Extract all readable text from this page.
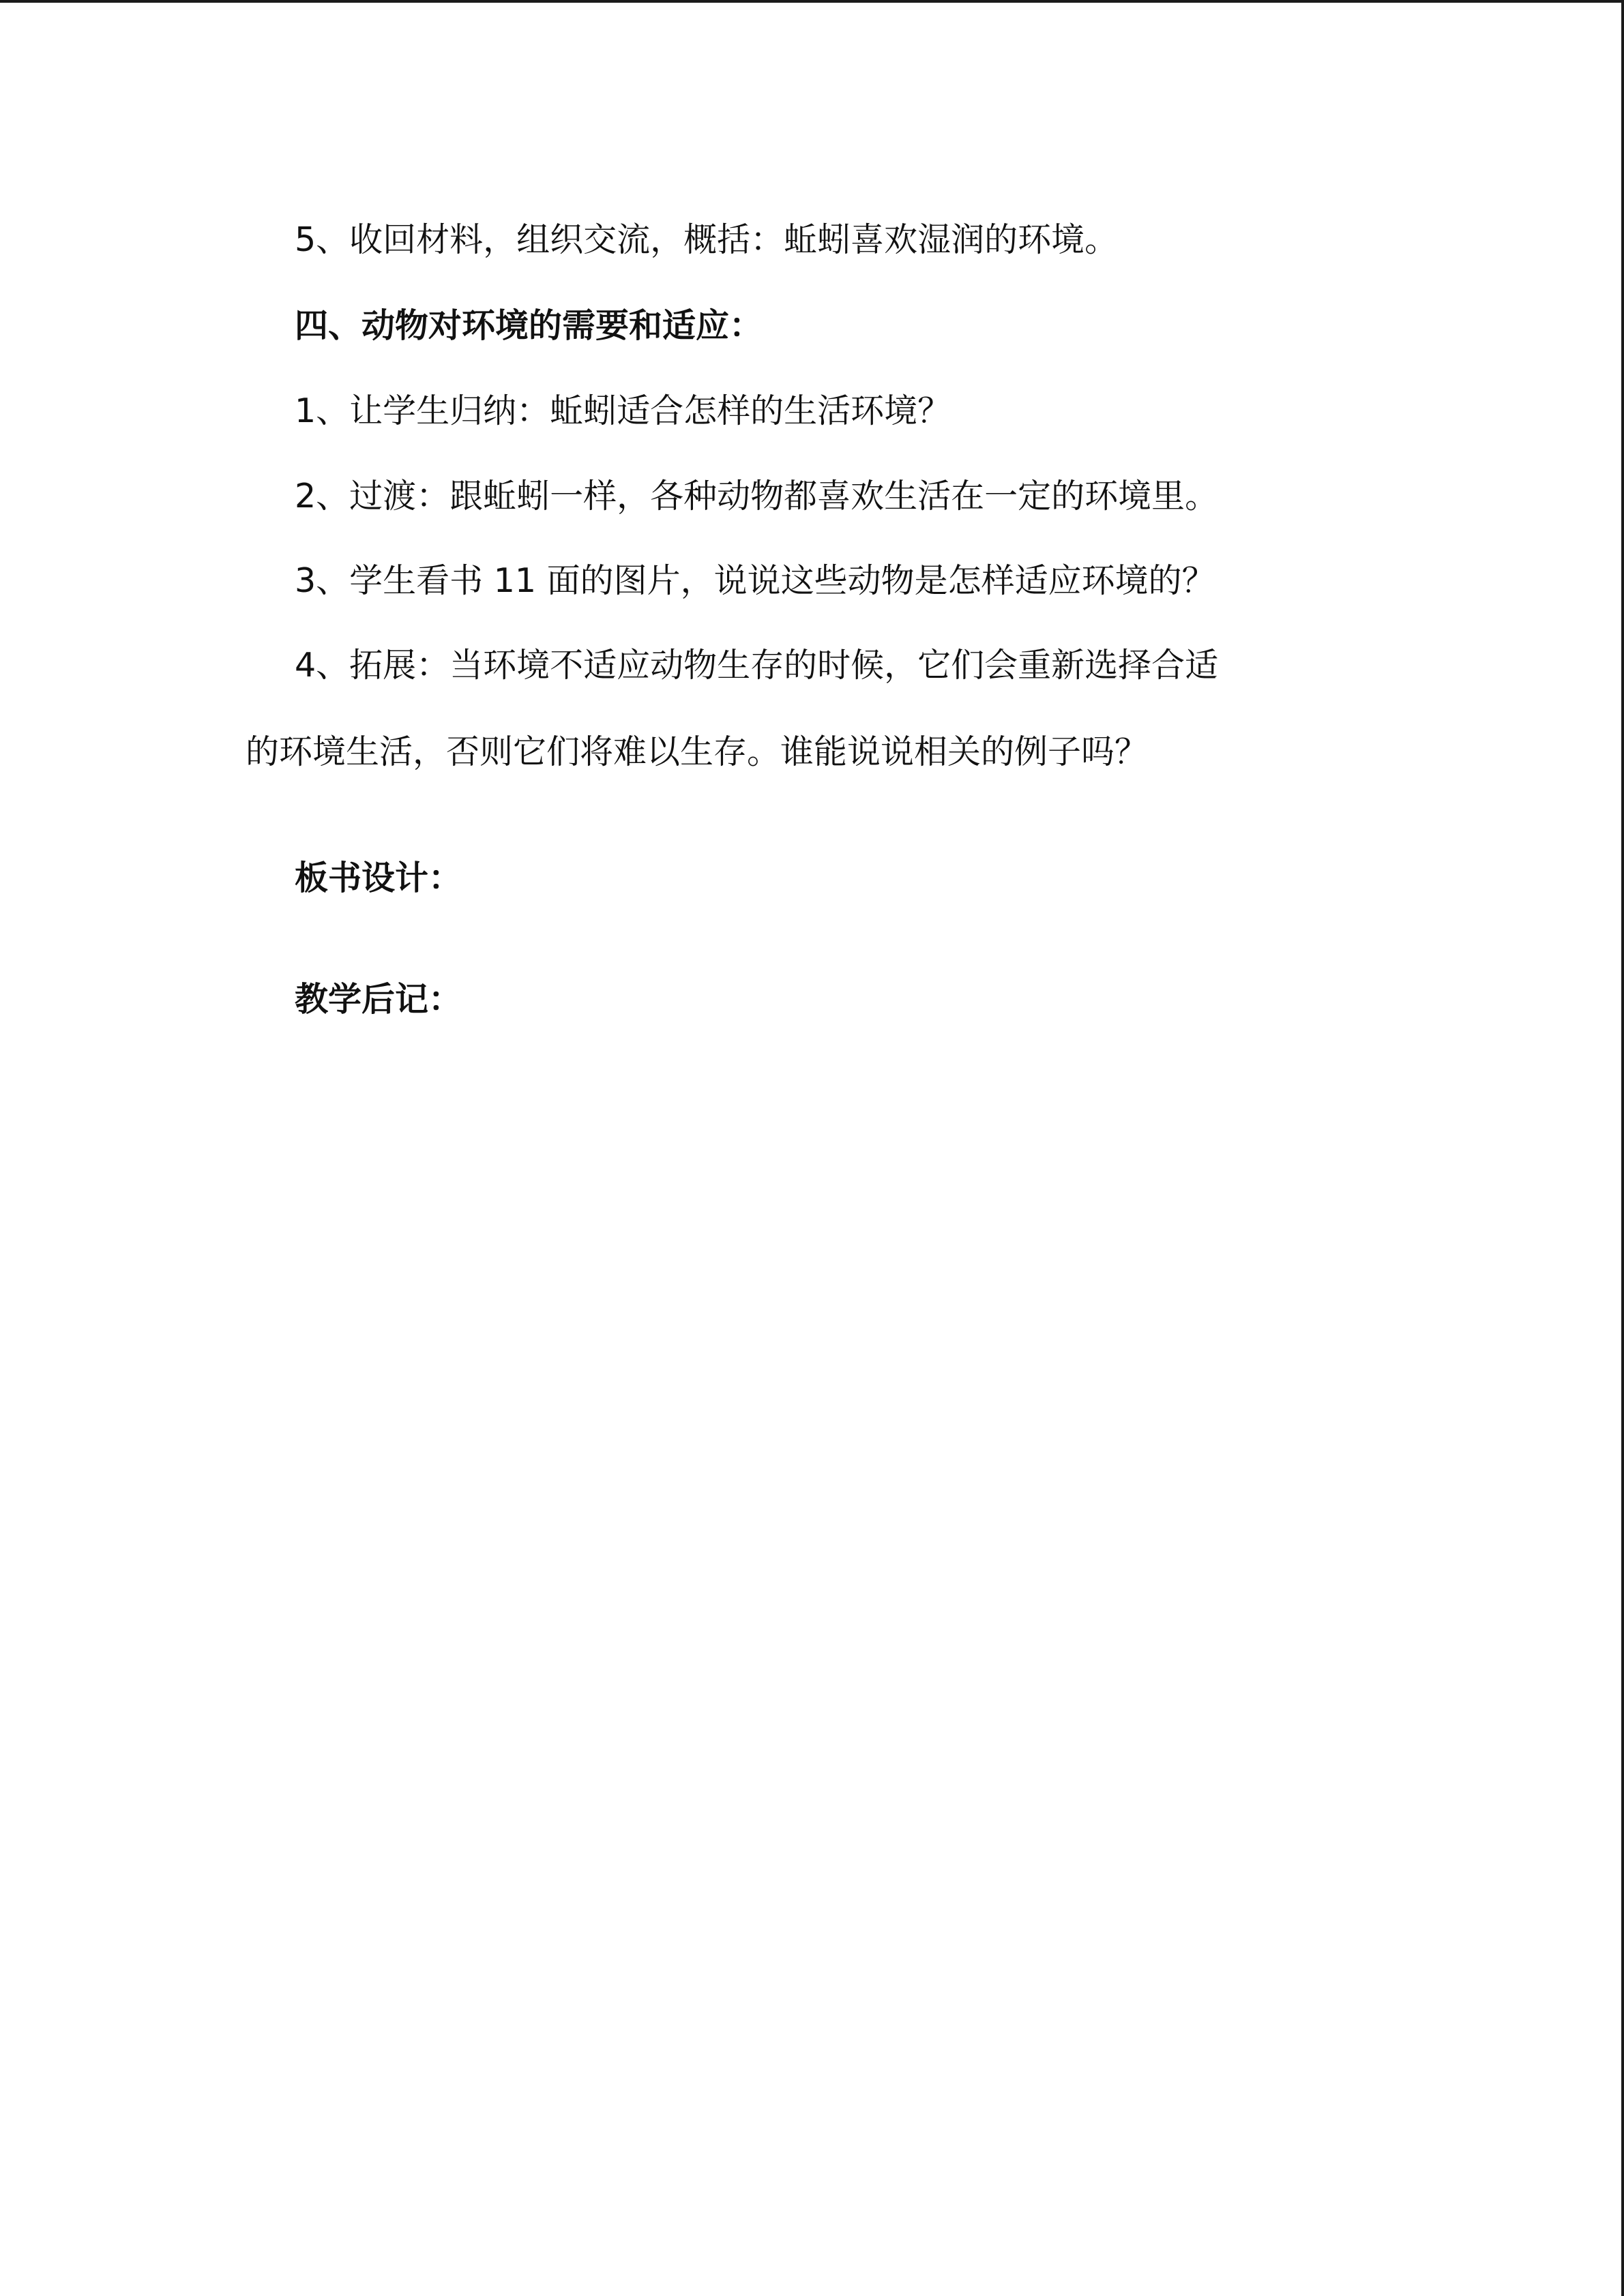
5、收回材料，组织交流，概括：蚯蚓喜欢湿润的环境。

四、动物对环境的需要和适应：

1、让学生归纳：蚯蚓适合怎样的生活环境？

2、过渡：跟蚯蚓一样，各种动物都喜欢生活在一定的环境里。

3、学生看书 11 面的图片，说说这些动物是怎样适应环境的？

4、拓展：当环境不适应动物生存的时候，它们会重新选择合适

的环境生活，否则它们将难以生存。谁能说说相关的例子吗？

板书设计：

教学后记：
